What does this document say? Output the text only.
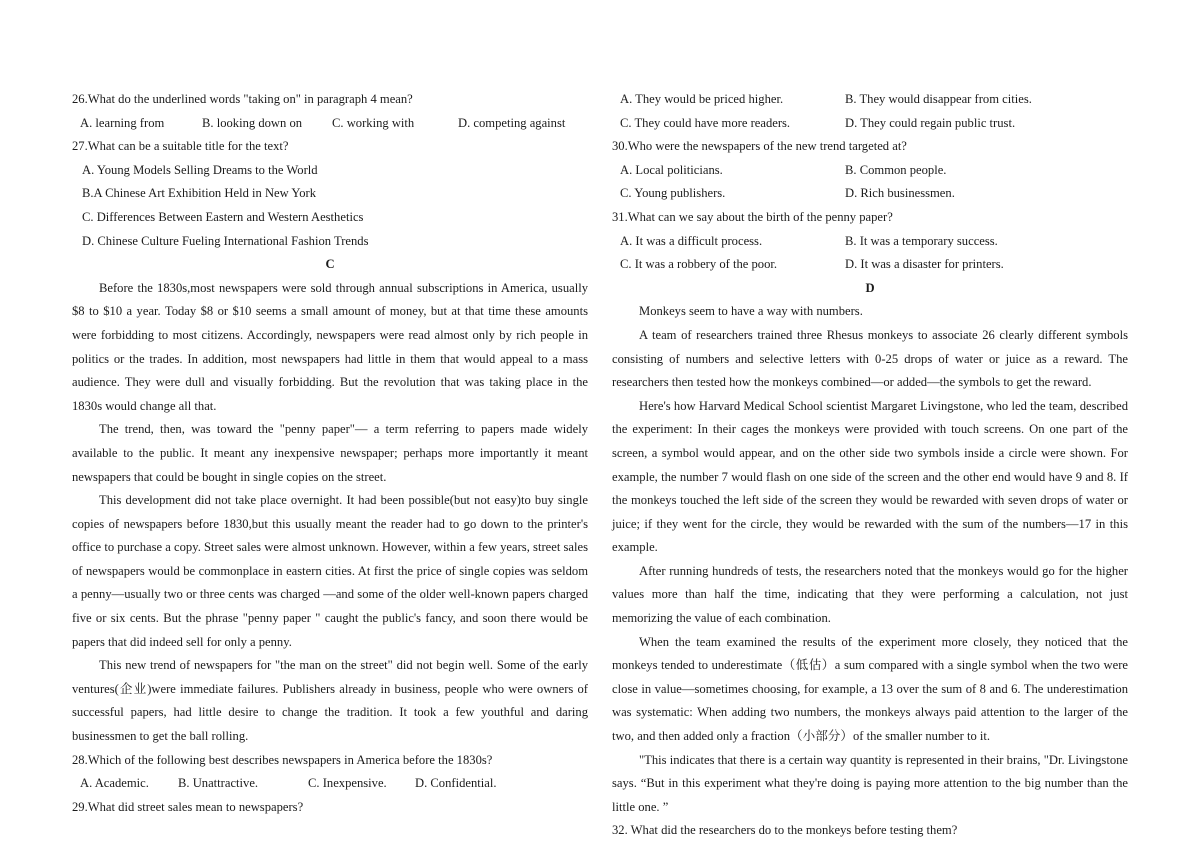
26.What do the underlined words "taking on" in paragraph 4 mean?
A. learning from	B. looking down on	C. working with	D. competing against
27.What can be a suitable title for the text?
A. Young Models Selling Dreams to the World
B.A Chinese Art Exhibition Held in New York
C. Differences Between Eastern and Western Aesthetics
D. Chinese Culture Fueling International Fashion Trends
C

Before the 1830s,most newspapers were sold through annual subscriptions in America, usually $8 to $10 a year. Today $8 or $10 seems a small amount of money, but at that time these amounts were forbidding to most citizens. Accordingly, newspapers were read almost only by rich people in politics or the trades. In addition, most newspapers had little in them that would appeal to a mass audience. They were dull and visually forbidding. But the revolution that was taking place in the 1830s would change all that.

The trend, then, was toward the "penny paper"— a term referring to papers made widely available to the public. It meant any inexpensive newspaper; perhaps more importantly it meant newspapers that could be bought in single copies on the street.

This development did not take place overnight. It had been possible(but not easy)to buy single copies of newspapers before 1830,but this usually meant the reader had to go down to the printer's office to purchase a copy. Street sales were almost unknown. However, within a few years, street sales of newspapers would be commonplace in eastern cities. At first the price of single copies was seldom a penny—usually two or three cents was charged —and some of the older well-known papers charged five or six cents. But the phrase "penny paper " caught the public's fancy, and soon there would be papers that did indeed sell for only a penny.

This new trend of newspapers for "the man on the street" did not begin well. Some of the early ventures(企业)were immediate failures. Publishers already in business, people who were owners of successful papers, had little desire to change the tradition. It took a few youthful and daring businessmen to get the ball rolling.

28.Which of the following best describes newspapers in America before the 1830s?
A. Academic.	B. Unattractive.	C. Inexpensive.	D. Confidential.
29.What did street sales mean to newspapers?
A. They would be priced higher.	B. They would disappear from cities.
C. They could have more readers.	D. They could regain public trust.
30.Who were the newspapers of the new trend targeted at?
A. Local politicians.	B. Common people.
C. Young publishers.	D. Rich businessmen.
31.What can we say about the birth of the penny paper?
A. It was a difficult process.	B. It was a temporary success.
C. It was a robbery of the poor.	D. It was a disaster for printers.
D

Monkeys seem to have a way with numbers.

A team of researchers trained three Rhesus monkeys to associate 26 clearly different symbols consisting of numbers and selective letters with 0-25 drops of water or juice as a reward. The researchers then tested how the monkeys combined—or added—the symbols to get the reward.

Here's how Harvard Medical School scientist Margaret Livingstone, who led the team, described the experiment: In their cages the monkeys were provided with touch screens. On one part of the screen, a symbol would appear, and on the other side two symbols inside a circle were shown. For example, the number 7 would flash on one side of the screen and the other end would have 9 and 8. If the monkeys touched the left side of the screen they would be rewarded with seven drops of water or juice; if they went for the circle, they would be rewarded with the sum of the numbers—17 in this example.

After running hundreds of tests, the researchers noted that the monkeys would go for the higher values more than half the time, indicating that they were performing a calculation, not just memorizing the value of each combination.

When the team examined the results of the experiment more closely, they noticed that the monkeys tended to underestimate（低估）a sum compared with a single symbol when the two were close in value—sometimes choosing, for example, a 13 over the sum of 8 and 6. The underestimation was systematic: When adding two numbers, the monkeys always paid attention to the larger of the two, and then added only a fraction（小部分）of the smaller number to it.

"This indicates that there is a certain way quantity is represented in their brains, "Dr. Livingstone says. “But in this experiment what they're doing is paying more attention to the big number than the little one. ”

32. What did the researchers do to the monkeys before testing them?
